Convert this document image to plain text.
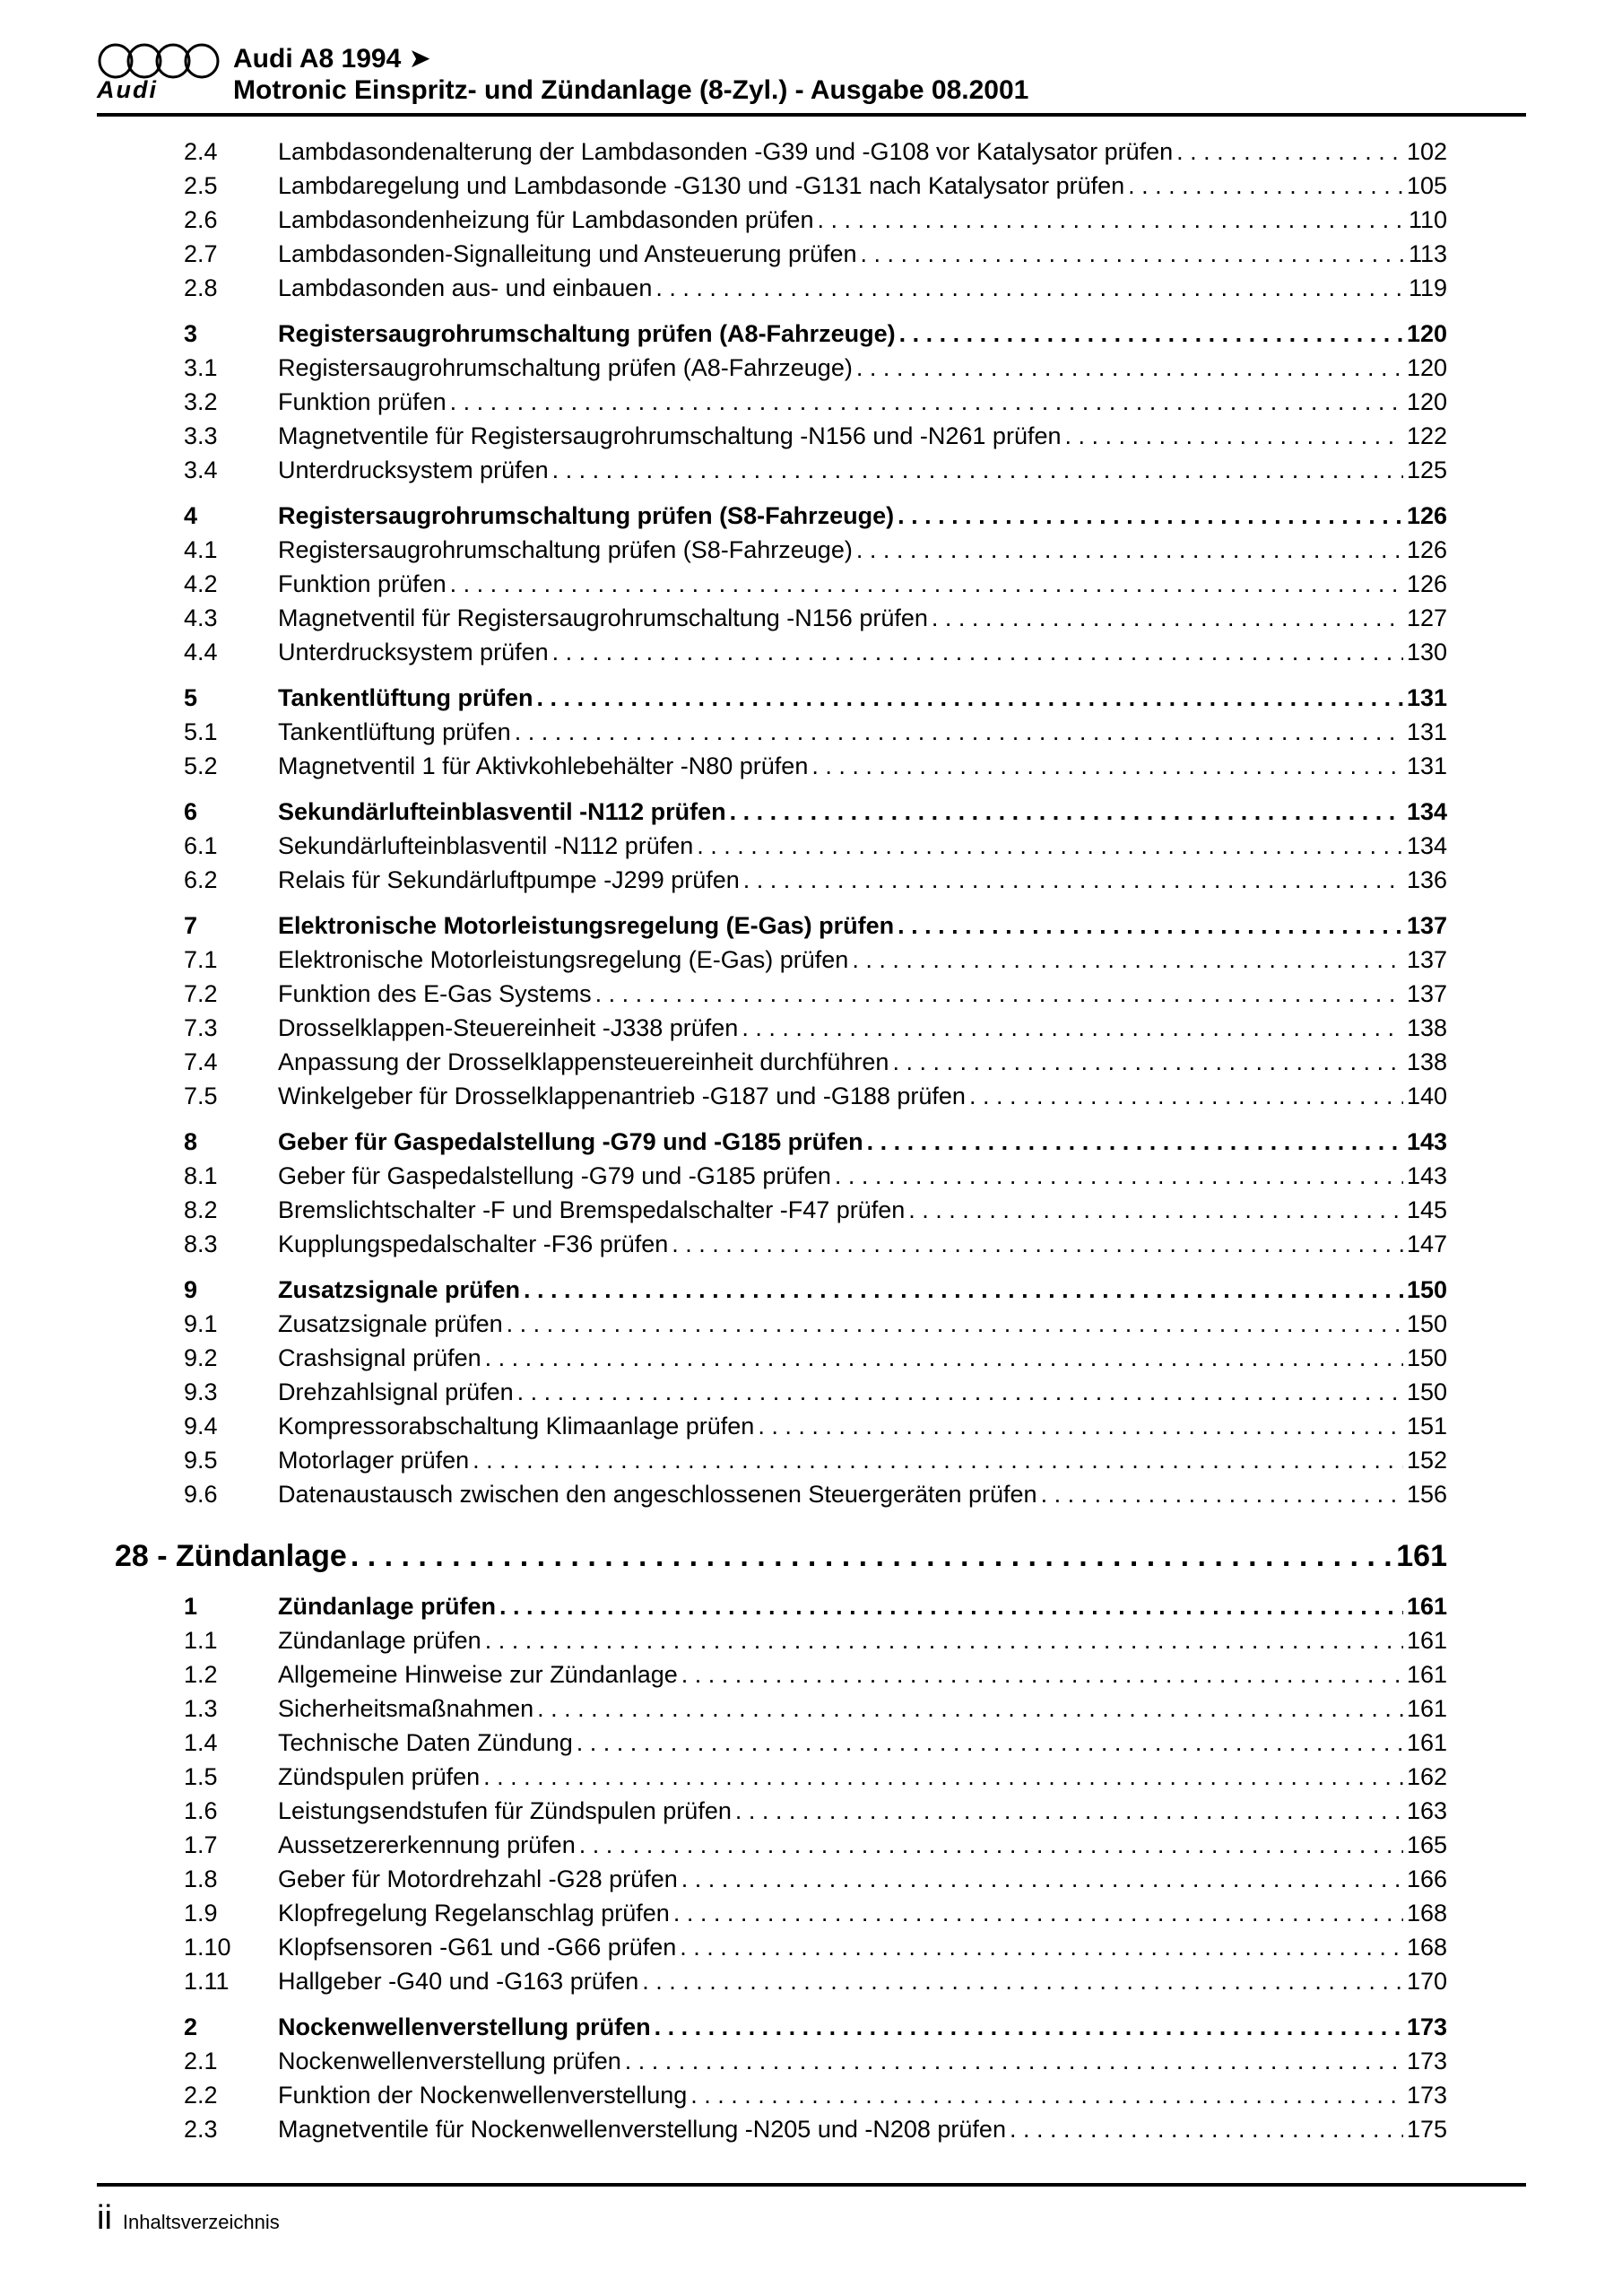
Audi
Audi A8 1994 ➤
Motronic Einspritz- und Zündanlage (8-Zyl.) - Ausgabe 08.2001
2.4	Lambdasondenalterung der Lambdasonden -G39 und -G108 vor Katalysator prüfen . . .	102
2.5	Lambdaregelung und Lambdasonde -G130 und -G131 nach Katalysator prüfen . . .	105
2.6	Lambdasondenheizung für Lambdasonden prüfen . . .	110
2.7	Lambdasonden-Signalleitung und Ansteuerung prüfen . . .	113
2.8	Lambdasonden aus- und einbauen . . .	119
3	Registersaugrohrumschaltung prüfen (A8-Fahrzeuge) . . .	120
3.1	Registersaugrohrumschaltung prüfen (A8-Fahrzeuge) . . .	120
3.2	Funktion prüfen . . .	120
3.3	Magnetventile für Registersaugrohrumschaltung -N156 und -N261 prüfen . . .	122
3.4	Unterdrucksystem prüfen . . .	125
4	Registersaugrohrumschaltung prüfen (S8-Fahrzeuge) . . .	126
4.1	Registersaugrohrumschaltung prüfen (S8-Fahrzeuge) . . .	126
4.2	Funktion prüfen . . .	126
4.3	Magnetventil für Registersaugrohrumschaltung -N156 prüfen . . .	127
4.4	Unterdrucksystem prüfen . . .	130
5	Tankentlüftung prüfen . . .	131
5.1	Tankentlüftung prüfen . . .	131
5.2	Magnetventil 1 für Aktivkohlebehälter -N80 prüfen . . .	131
6	Sekundärlufteinblasventil -N112 prüfen . . .	134
6.1	Sekundärlufteinblasventil -N112 prüfen . . .	134
6.2	Relais für Sekundärluftpumpe -J299 prüfen . . .	136
7	Elektronische Motorleistungsregelung (E-Gas) prüfen . . .	137
7.1	Elektronische Motorleistungsregelung (E-Gas) prüfen . . .	137
7.2	Funktion des E-Gas Systems . . .	137
7.3	Drosselklappen-Steuereinheit -J338 prüfen . . .	138
7.4	Anpassung der Drosselklappensteuereinheit durchführen . . .	138
7.5	Winkelgeber für Drosselklappenantrieb -G187 und -G188 prüfen . . .	140
8	Geber für Gaspedalstellung -G79 und -G185 prüfen . . .	143
8.1	Geber für Gaspedalstellung -G79 und -G185 prüfen . . .	143
8.2	Bremslichtschalter -F und Bremspedalschalter -F47 prüfen . . .	145
8.3	Kupplungspedalschalter -F36 prüfen . . .	147
9	Zusatzsignale prüfen . . .	150
9.1	Zusatzsignale prüfen . . .	150
9.2	Crashsignal prüfen . . .	150
9.3	Drehzahlsignal prüfen . . .	150
9.4	Kompressorabschaltung Klimaanlage prüfen . . .	151
9.5	Motorlager prüfen . . .	152
9.6	Datenaustausch zwischen den angeschlossenen Steuergeräten prüfen . . .	156
28 - Zündanlage . . .	161
1	Zündanlage prüfen . . .	161
1.1	Zündanlage prüfen . . .	161
1.2	Allgemeine Hinweise zur Zündanlage . . .	161
1.3	Sicherheitsmaßnahmen . . .	161
1.4	Technische Daten Zündung . . .	161
1.5	Zündspulen prüfen . . .	162
1.6	Leistungsendstufen für Zündspulen prüfen . . .	163
1.7	Aussetzererkennung prüfen . . .	165
1.8	Geber für Motordrehzahl -G28 prüfen . . .	166
1.9	Klopfregelung Regelanschlag prüfen . . .	168
1.10	Klopfsensoren -G61 und -G66 prüfen . . .	168
1.11	Hallgeber -G40 und -G163 prüfen . . .	170
2	Nockenwellenverstellung prüfen . . .	173
2.1	Nockenwellenverstellung prüfen . . .	173
2.2	Funktion der Nockenwellenverstellung . . .	173
2.3	Magnetventile für Nockenwellenverstellung -N205 und -N208 prüfen . . .	175
ii Inhaltsverzeichnis
